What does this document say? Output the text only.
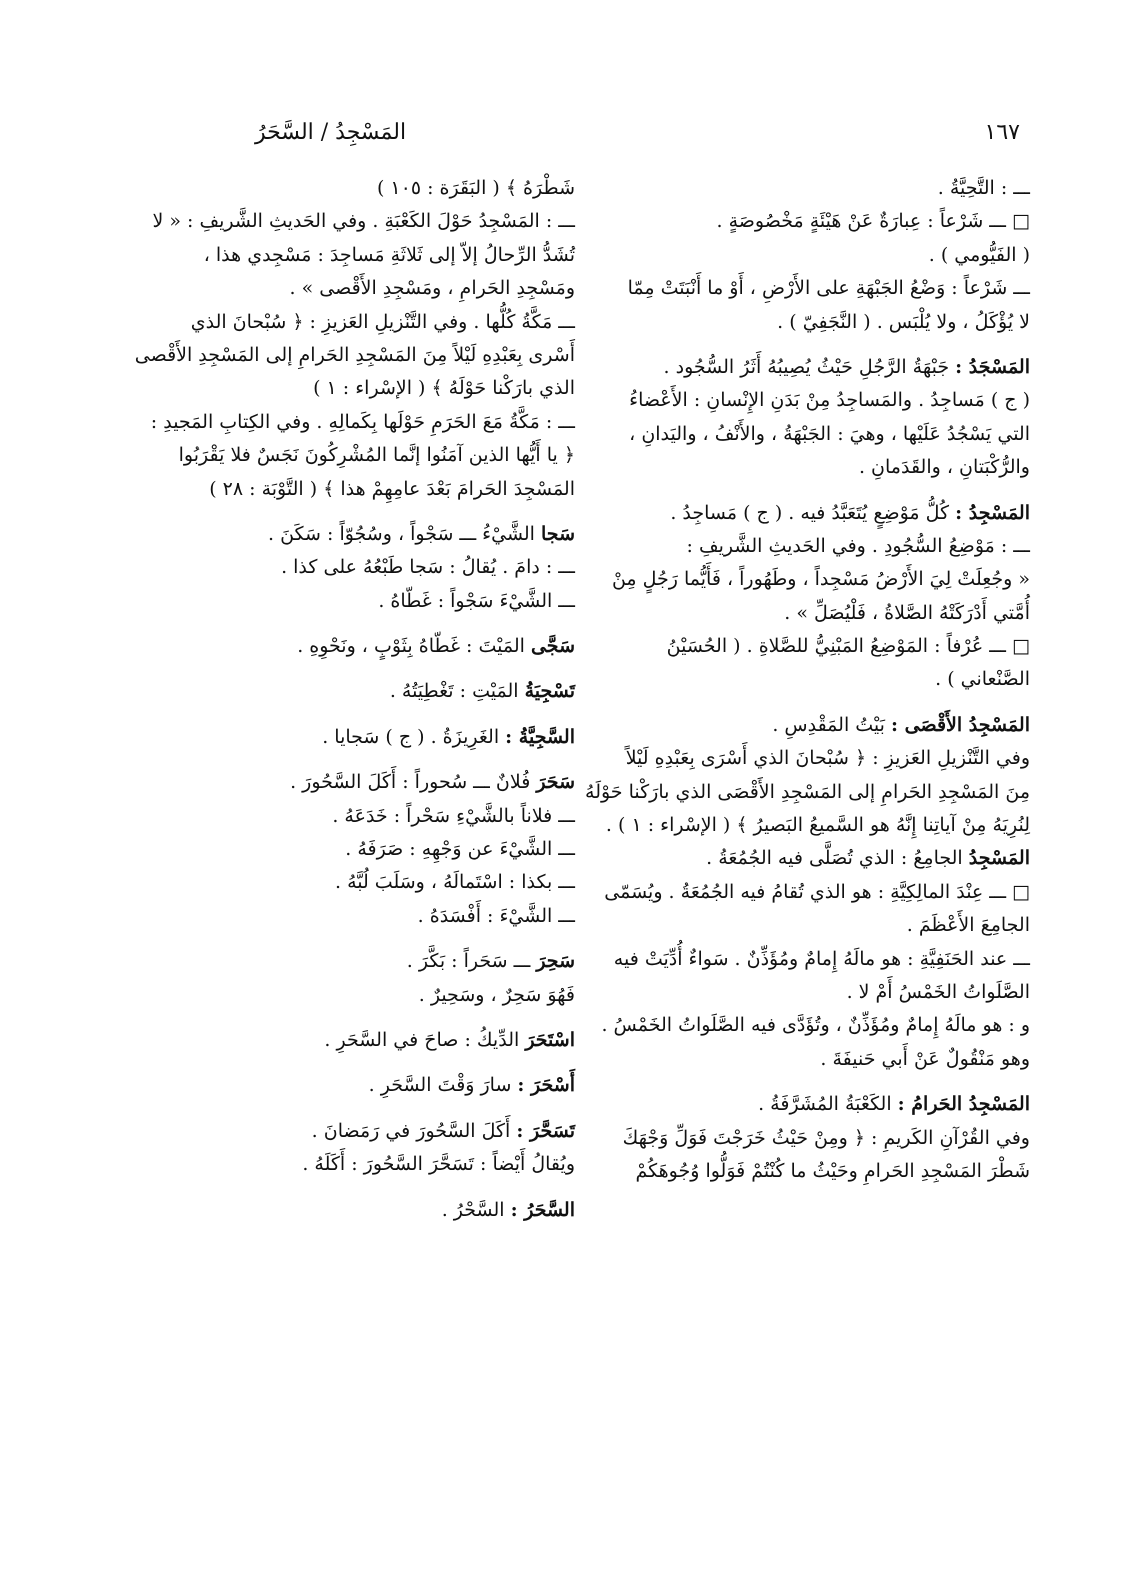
١٦٧
المَسْجِدُ / السَّحَرُ
ـــ : التَّحِيَّةُ .
□ ـــ شَرْعاً : عِبارَةٌ عَنْ هَيْئَةٍ مَخْصُوصَةٍ .
( الفَيُّومي ) .
ـــ شَرْعاً : وَضْعُ الجَبْهَةِ على الأَرْضِ ، أَوْ ما أَنْبَتَتْ مِمّا
لا يُؤْكَلُ ، ولا يُلْبَس . ( النَّجَفِيّ ) .
المَسْجَدُ : جَبْهَةُ الرَّجُلِ حَيْثُ يُصِيبُهُ أَثَرُ السُّجُود .
( ج ) مَساجِدُ . والمَساجِدُ مِنْ بَدَنِ الإِنْسانِ : الأَعْضاءُ
التي يَسْجُدُ عَلَيْها ، وهيَ : الجَبْهَةُ ، والأَنْفُ ، واليَدانِ ،
والرُّكْبَتانِ ، والقَدَمانِ .
المَسْجِدُ : كُلُّ مَوْضِعٍ يُتَعَبَّدُ فيه . ( ج ) مَساجِدُ .
ـــ : مَوْضِعُ السُّجُودِ . وفي الحَديثِ الشَّريفِ :
« وجُعِلَتْ لِيَ الأَرْضُ مَسْجِداً ، وطَهُوراً ، فَأَيُّما رَجُلٍ مِنْ
أُمَّتي أَدْرَكَتْهُ الصَّلاةُ ، فَلْيُصَلِّ » .
□ ـــ عُرْفاً : المَوْضِعُ المَبْنِيُّ للصَّلاةِ . ( الحُسَيْنُ
الصَّنْعاني ) .
المَسْجِدُ الأَقْصَى : بَيْتُ المَقْدِسِ .
وفي التَّنْزيلِ العَزيزِ : ﴿ سُبْحانَ الذي أَسْرَى بِعَبْدِهِ لَيْلاً
مِنَ المَسْجِدِ الحَرامِ إلى المَسْجِدِ الأَقْصَى الذي بارَكْنا حَوْلَهُ
لِنُرِيَهُ مِنْ آياتِنا إِنَّهُ هو السَّميعُ البَصيرُ ﴾ ( الإسْراء : ١ ) .
المَسْجِدُ الجامِعُ : الذي تُصَلَّى فيه الجُمُعَةُ .
□ ـــ عِنْدَ المالِكِيَّةِ : هو الذي تُقامُ فيه الجُمُعَةُ . ويُسَمّى
الجامِعَ الأَعْظَمَ .
ـــ عند الحَنَفِيَّةِ : هو مالَهُ إِمامٌ ومُؤَذِّنٌ . سَواءٌ أُدِّيَتْ فيه
الصَّلَواتُ الخَمْسُ أَمْ لا .
و : هو مالَهُ إِمامٌ ومُؤَذِّنٌ ، وتُؤَدَّى فيه الصَّلَواتُ الخَمْسُ .
وهو مَنْقُولٌ عَنْ أَبي حَنيفَةَ .
المَسْجِدُ الحَرامُ : الكَعْبَةُ المُشَرَّفَةُ .
وفي القُرْآنِ الكَريمِ : ﴿ ومِنْ حَيْثُ خَرَجْتَ فَوَلِّ وَجْهَكَ
شَطْرَ المَسْجِدِ الحَرامِ وحَيْثُ ما كُنْتُمْ فَوَلُّوا وُجُوهَكُمْ
شَطْرَهُ ﴾ ( البَقَرَة : ١٠٥ )
ـــ : المَسْجِدُ حَوْلَ الكَعْبَةِ . وفي الحَديثِ الشَّريفِ : « لا
تُشَدُّ الرِّحالُ إلاّ إلى ثَلاثَةِ مَساجِدَ : مَسْجِدي هذا ،
ومَسْجِدِ الحَرامِ ، ومَسْجِدِ الأَقْصى » .
ـــ مَكَّةُ كُلُّها . وفي التَّنْزيلِ العَزيزِ : ﴿ سُبْحانَ الذي
أَسْرى بِعَبْدِهِ لَيْلاً مِنَ المَسْجِدِ الحَرامِ إلى المَسْجِدِ الأَقْصى
الذي بارَكْنا حَوْلَهُ ﴾ ( الإسْراء : ١ )
ـــ : مَكَّةُ مَعَ الحَرَمِ حَوْلَها بِكَمالِهِ . وفي الكِتابِ المَجيدِ :
﴿ يا أَيُّها الذين آمَنُوا إنَّما المُشْرِكُونَ نَجَسٌ فلا يَقْرَبُوا
المَسْجِدَ الحَرامَ بَعْدَ عامِهِمْ هذا ﴾ ( التَّوْبَة : ٢٨ )
سَجا الشَّيْءُ ـــ سَجْواً ، وسُجُوّاً : سَكَنَ .
ـــ : دامَ . يُقالُ : سَجا طَبْعُهُ على كذا .
ـــ الشَّيْءَ سَجْواً : غَطّاهُ .
سَجَّى المَيْتَ : غَطّاهُ بِثَوْبٍ ، ونَحْوِهِ .
تَسْجِيَةُ المَيْتِ : تَغْطِيَتُهُ .
السَّجِيَّةُ : الغَرِيزَةُ . ( ج ) سَجايا .
سَحَرَ فُلانٌ ـــ سُحوراً : أَكَلَ السَّحُورَ .
ـــ فلاناً بالشَّيْءِ سَحْراً : خَدَعَهُ .
ـــ الشَّيْءَ عن وَجْهِهِ : صَرَفَهُ .
ـــ بكذا : اسْتَمالَهُ ، وسَلَبَ لُبَّهُ .
ـــ الشَّيْءَ : أَفْسَدَهُ .
سَحِرَ ـــ سَحَراً : بَكَّرَ .
فَهُوَ سَحِرٌ ، وسَحِيرٌ .
اسْتَحَرَ الدِّيكُ : صاحَ في السَّحَرِ .
أَسْحَرَ : سارَ وَقْتَ السَّحَرِ .
تَسَحَّرَ : أَكَلَ السَّحُورَ في رَمَضانَ .
ويُقالُ أَيْضاً : تَسَحَّرَ السَّحُورَ : أَكَلَهُ .
السَّحَرُ : السَّحْرُ .
